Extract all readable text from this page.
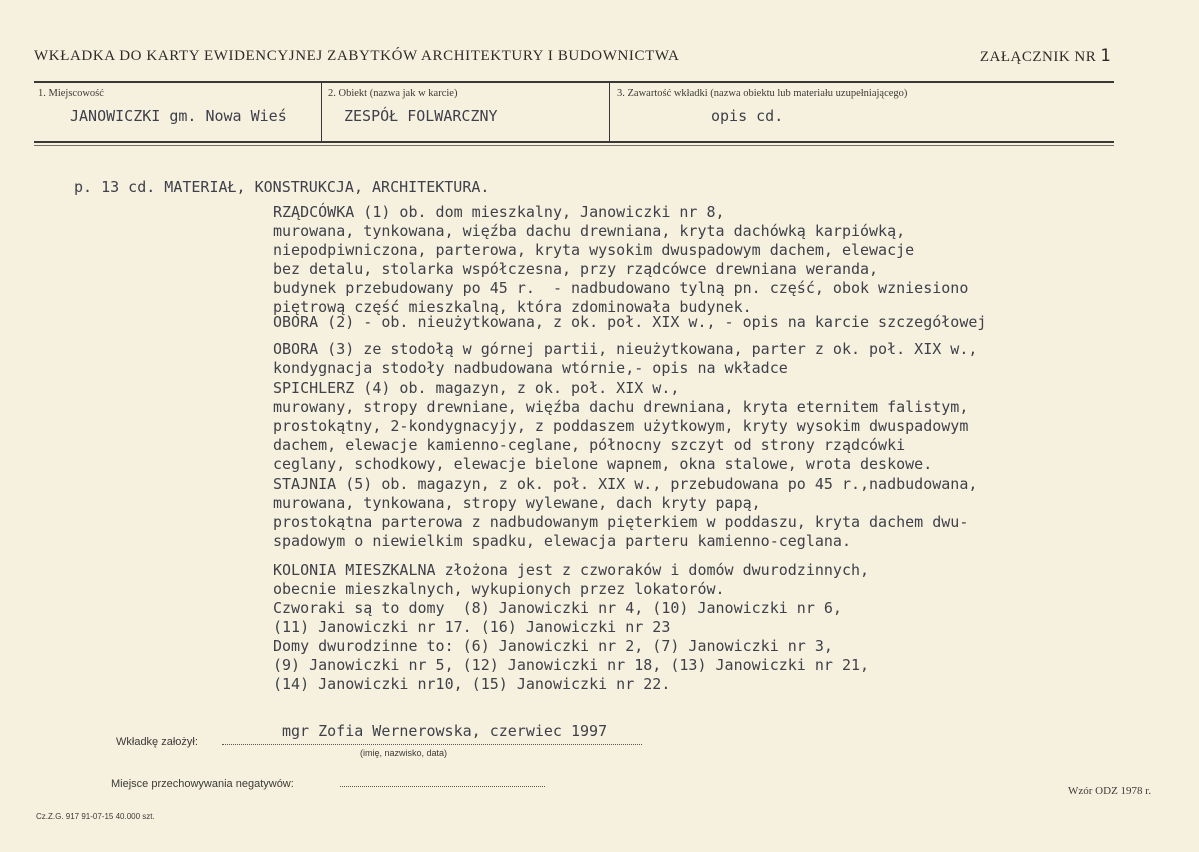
WKŁADKA DO KARTY EWIDENCYJNEJ ZABYTKÓW ARCHITEKTURY I BUDOWNICTWA	ZAŁĄCZNIK NR 1
1. Miejscowość
JANOWICZKI gm. Nowa Wieś
2. Obiekt (nazwa jak w karcie)
ZESPÓŁ FOLWARCZNY
3. Zawartość wkładki (nazwa obiektu lub materiału uzupełniającego)
opis cd.
p. 13 cd. MATERIAŁ, KONSTRUKCJA, ARCHITEKTURA.
RZĄDCÓWKA (1) ob. dom mieszkalny, Janowiczki nr 8,
murowana, tynkowana, więźba dachu drewniana, kryta dachówką karpiówką,
niepodpiwniczona, parterowa, kryta wysokim dwuspadowym dachem, elewacje
bez detalu, stolarka współczesna, przy rządcówce drewniana weranda,
budynek przebudowany po 45 r.  - nadbudowano tylną pn. część, obok wzniesiono
piętrową część mieszkalną, która zdominowała budynek.
OBORA (2) - ob. nieużytkowana, z ok. poł. XIX w., - opis na karcie szczegółowej
OBORA (3) ze stodołą w górnej partii, nieużytkowana, parter z ok. poł. XIX w.,
kondygnacja stodoły nadbudowana wtórnie,- opis na wkładce
SPICHLERZ (4) ob. magazyn, z ok. poł. XIX w.,
murowany, stropy drewniane, więźba dachu drewniana, kryta eternitem falistym,
prostokątny, 2-kondygnacyjy, z poddaszem użytkowym, kryty wysokim dwuspadowym
dachem, elewacje kamienno-ceglane, północny szczyt od strony rządcówki
ceglany, schodkowy, elewacje bielone wapnem, okna stalowe, wrota deskowe.
STAJNIA (5) ob. magazyn, z ok. poł. XIX w., przebudowana po 45 r.,nadbudowana,
murowana, tynkowana, stropy wylewane, dach kryty papą,
prostokątna parterowa z nadbudowanym pięterkiem w poddaszu, kryta dachem dwu-
spadowym o niewielkim spadku, elewacja parteru kamienno-ceglana.
KOLONIA MIESZKALNA złożona jest z czworaków i domów dwurodzinnych,
obecnie mieszkalnych, wykupionych przez lokatorów.
Czworaki są to domy  (8) Janowiczki nr 4, (10) Janowiczki nr 6,
(11) Janowiczki nr 17. (16) Janowiczki nr 23
Domy dwurodzinne to: (6) Janowiczki nr 2, (7) Janowiczki nr 3,
(9) Janowiczki nr 5, (12) Janowiczki nr 18, (13) Janowiczki nr 21,
(14) Janowiczki nr10, (15) Janowiczki nr 22.
Wkładkę założył:
mgr Zofia Wernerowska, czerwiec 1997
(imię, nazwisko, data)
Miejsce przechowywania negatywów:
Cz.Z.G. 917 91-07-15 40.000 szt.
Wzór ODZ 1978 r.
